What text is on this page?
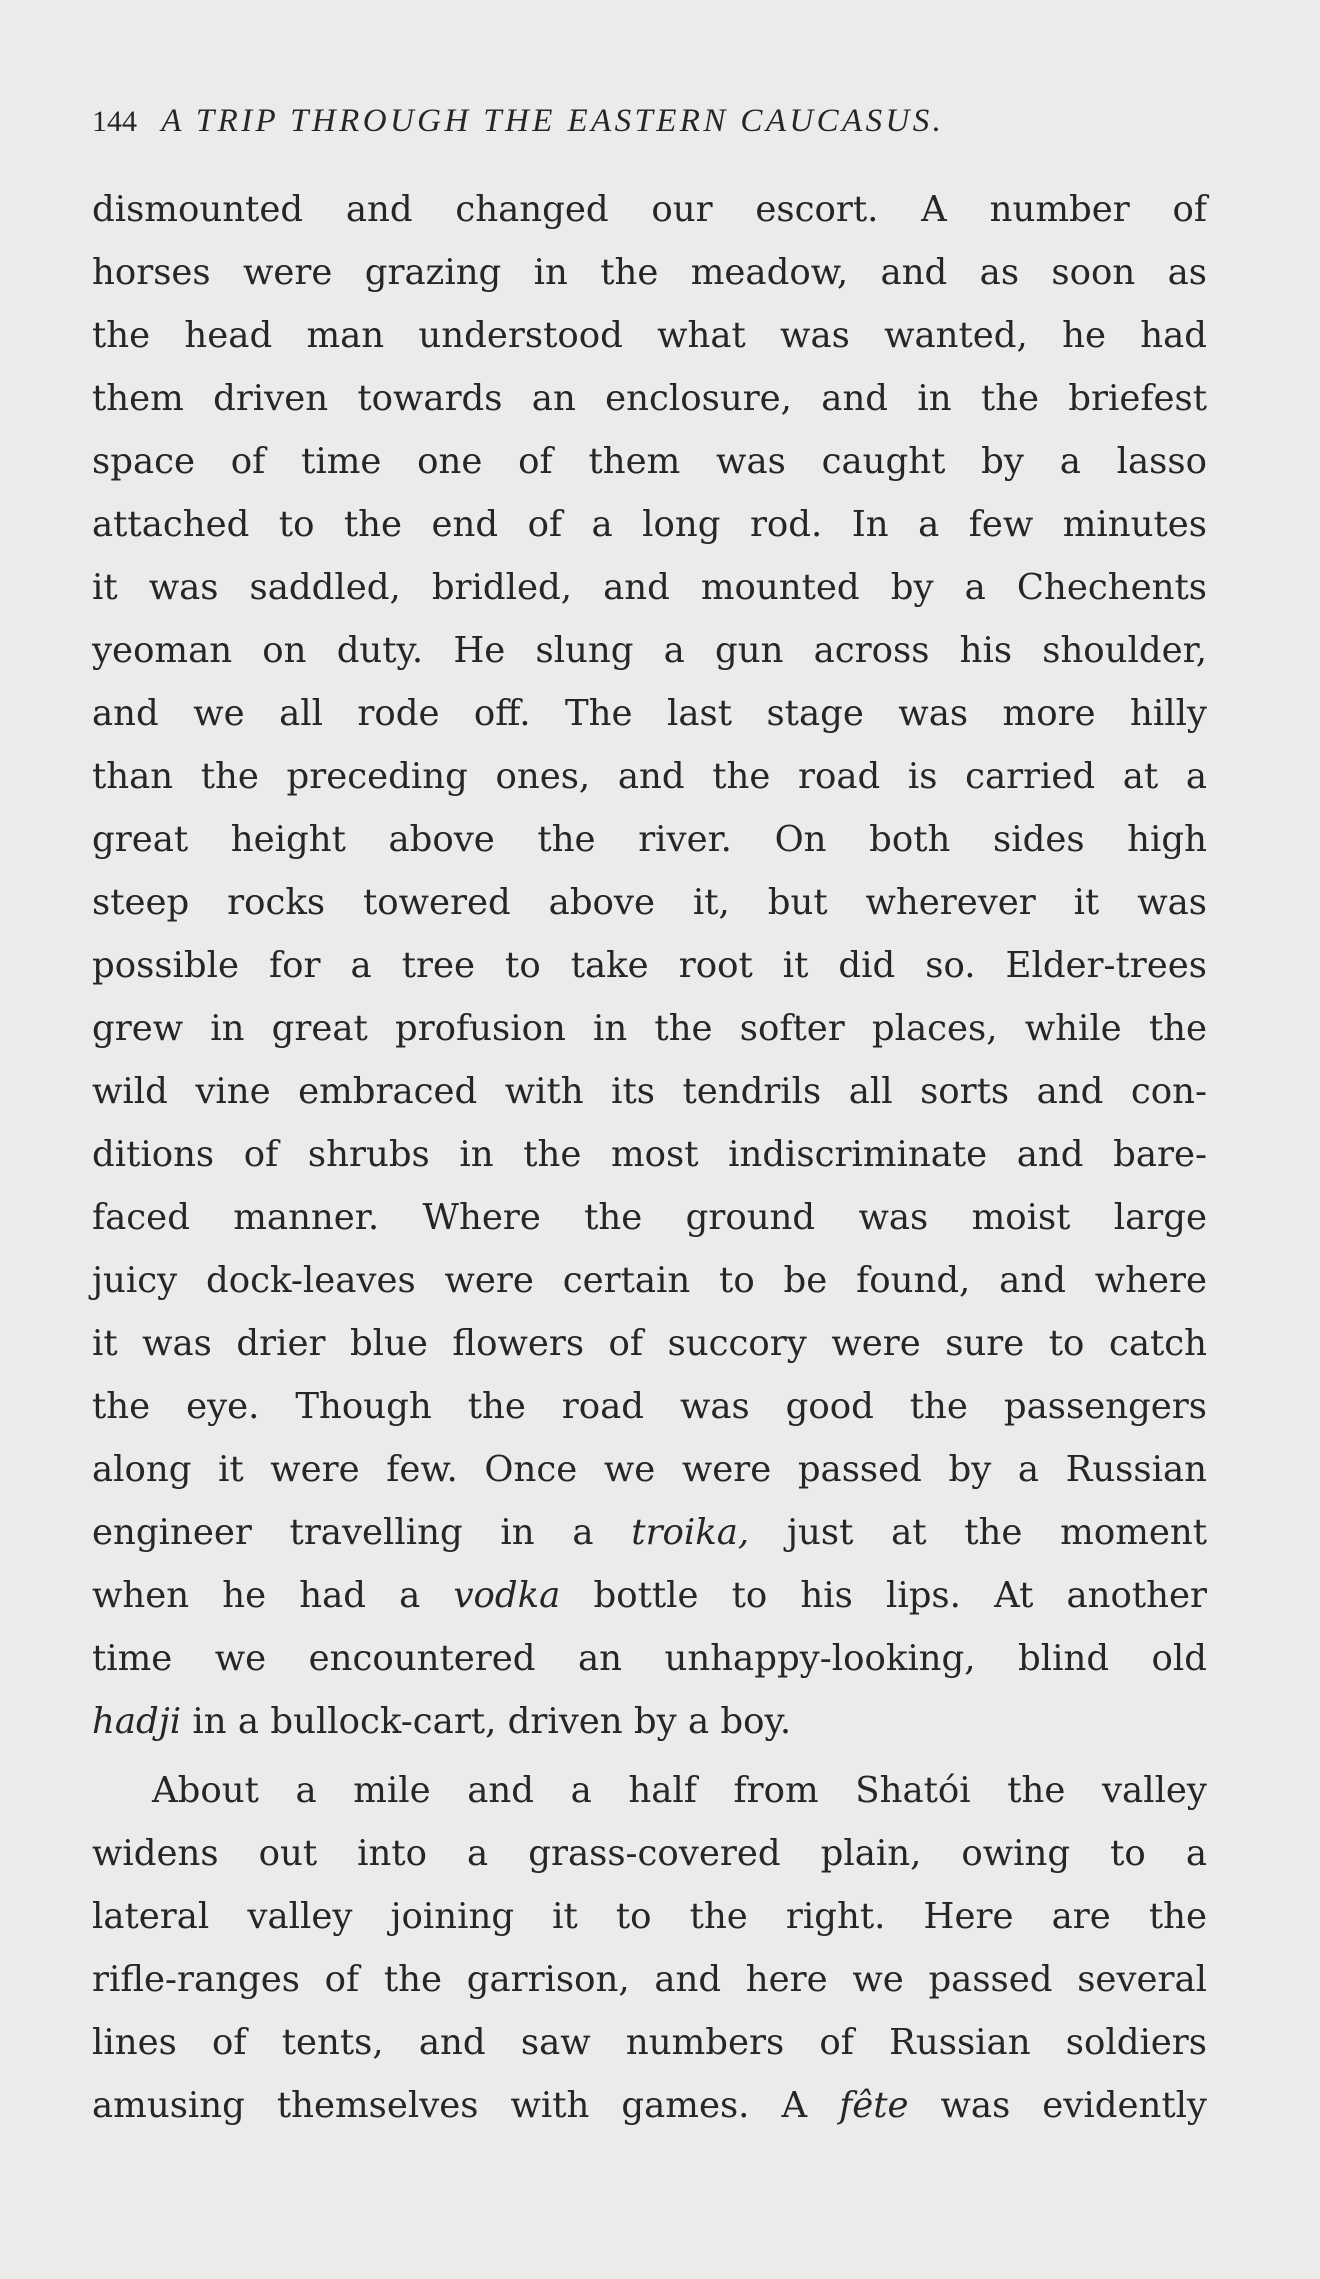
144 A TRIP THROUGH THE EASTERN CAUCASUS.
dismounted and changed our escort. A number of
horses were grazing in the meadow, and as soon as
the head man understood what was wanted, he had
them driven towards an enclosure, and in the briefest
space of time one of them was caught by a lasso
attached to the end of a long rod. In a few minutes
it was saddled, bridled, and mounted by a Chechents
yeoman on duty. He slung a gun across his shoulder,
and we all rode off. The last stage was more hilly
than the preceding ones, and the road is carried at a
great height above the river. On both sides high
steep rocks towered above it, but wherever it was
possible for a tree to take root it did so. Elder-trees
grew in great profusion in the softer places, while the
wild vine embraced with its tendrils all sorts and con-
ditions of shrubs in the most indiscriminate and bare-
faced manner. Where the ground was moist large
juicy dock-leaves were certain to be found, and where
it was drier blue flowers of succory were sure to catch
the eye. Though the road was good the passengers
along it were few. Once we were passed by a Russian
engineer travelling in a troika, just at the moment
when he had a vodka bottle to his lips. At another
time we encountered an unhappy-looking, blind old
hadji in a bullock-cart, driven by a boy.
About a mile and a half from Shatói the valley
widens out into a grass-covered plain, owing to a
lateral valley joining it to the right. Here are the
rifle-ranges of the garrison, and here we passed several
lines of tents, and saw numbers of Russian soldiers
amusing themselves with games. A fête was evidently
